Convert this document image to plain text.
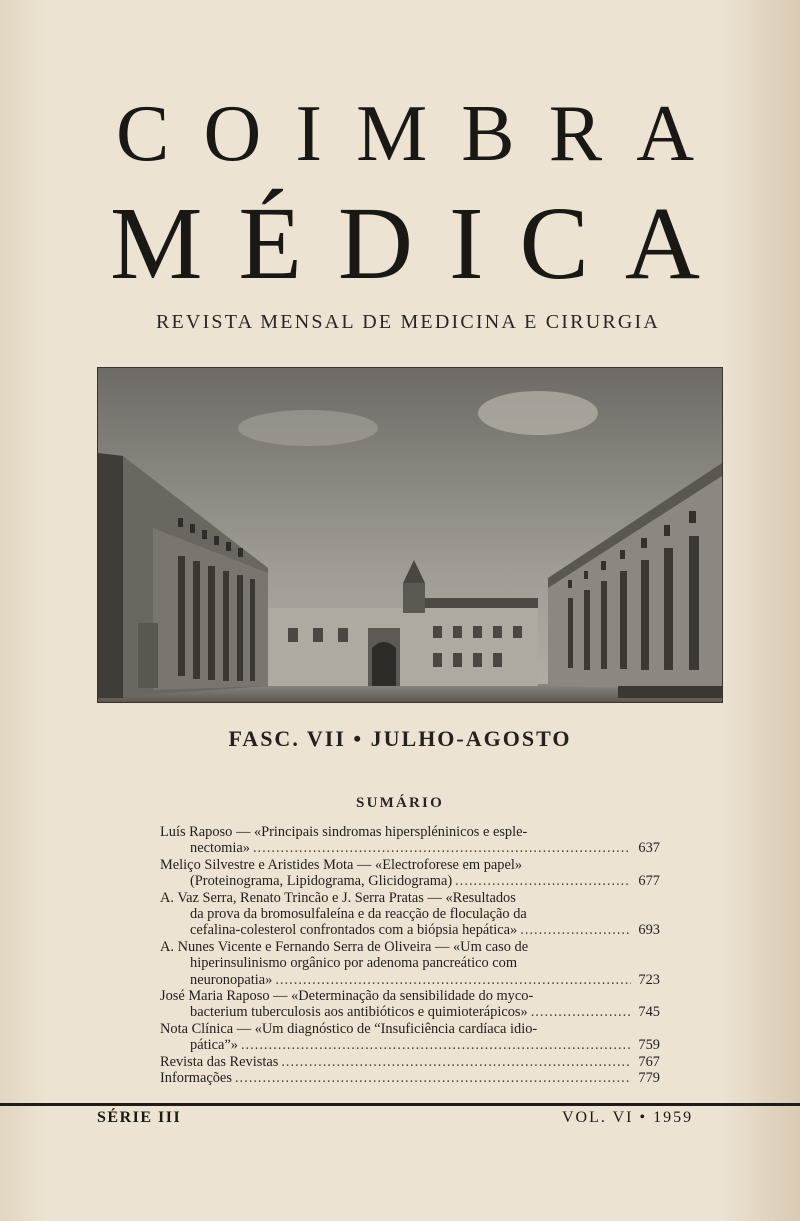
C O I M B R A
M É D I C A
REVISTA MENSAL DE MEDICINA E CIRURGIA
FASC. VII • JULHO-AGOSTO
SUMÁRIO
Luís Raposo — «Principais sindromas hiperspléninicos e esple-
nectomia» .....	637
Meliço Silvestre e Aristides Mota — «Electroforese em papel»
(Proteinograma, Lipidograma, Glicidograma) .....	677
A. Vaz Serra, Renato Trincão e J. Serra Pratas — «Resultados
da prova da bromosulfaleína e da reacção de floculação da
cefalina-colesterol confrontados com a biópsia hepática» .....	693
A. Nunes Vicente e Fernando Serra de Oliveira — «Um caso de
hiperinsulinismo orgânico por adenoma pancreático com
neuronopatia» .....	723
José Maria Raposo — «Determinação da sensibilidade do myco-
bacterium tuberculosis aos antibióticos e quimioterápicos» .....	745
Nota Clínica — «Um diagnóstico de “Insuficiência cardíaca idio-
pática”» .....	759
Revista das Revistas .....	767
Informações .....	779
SÉRIE III	VOL. VI • 1959
